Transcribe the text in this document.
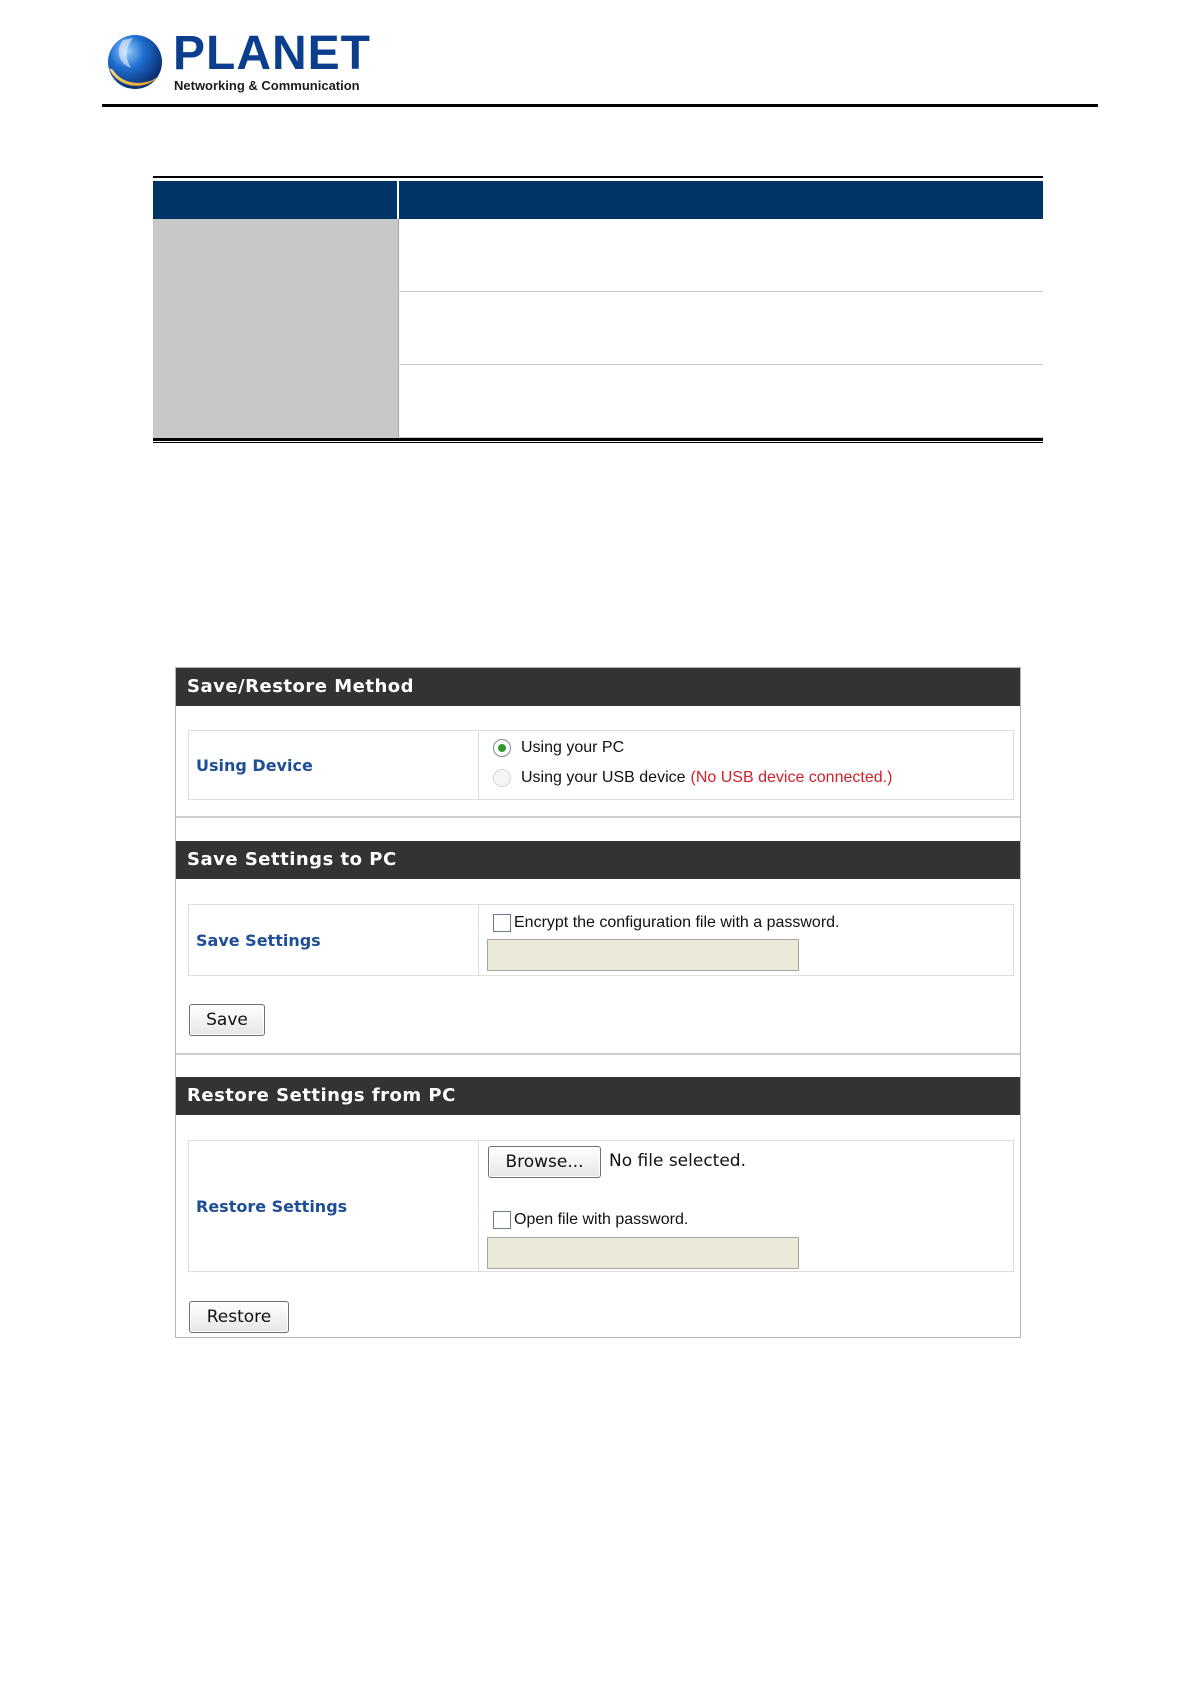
PLANET
Networking & Communication
Save/Restore Method
Using Device
Using your PC
Using your USB device (No USB device connected.)
Save Settings to PC
Save Settings
Encrypt the configuration file with a password.
Save
Restore Settings from PC
Restore Settings
Browse...	No file selected.
Open file with password.
Restore
